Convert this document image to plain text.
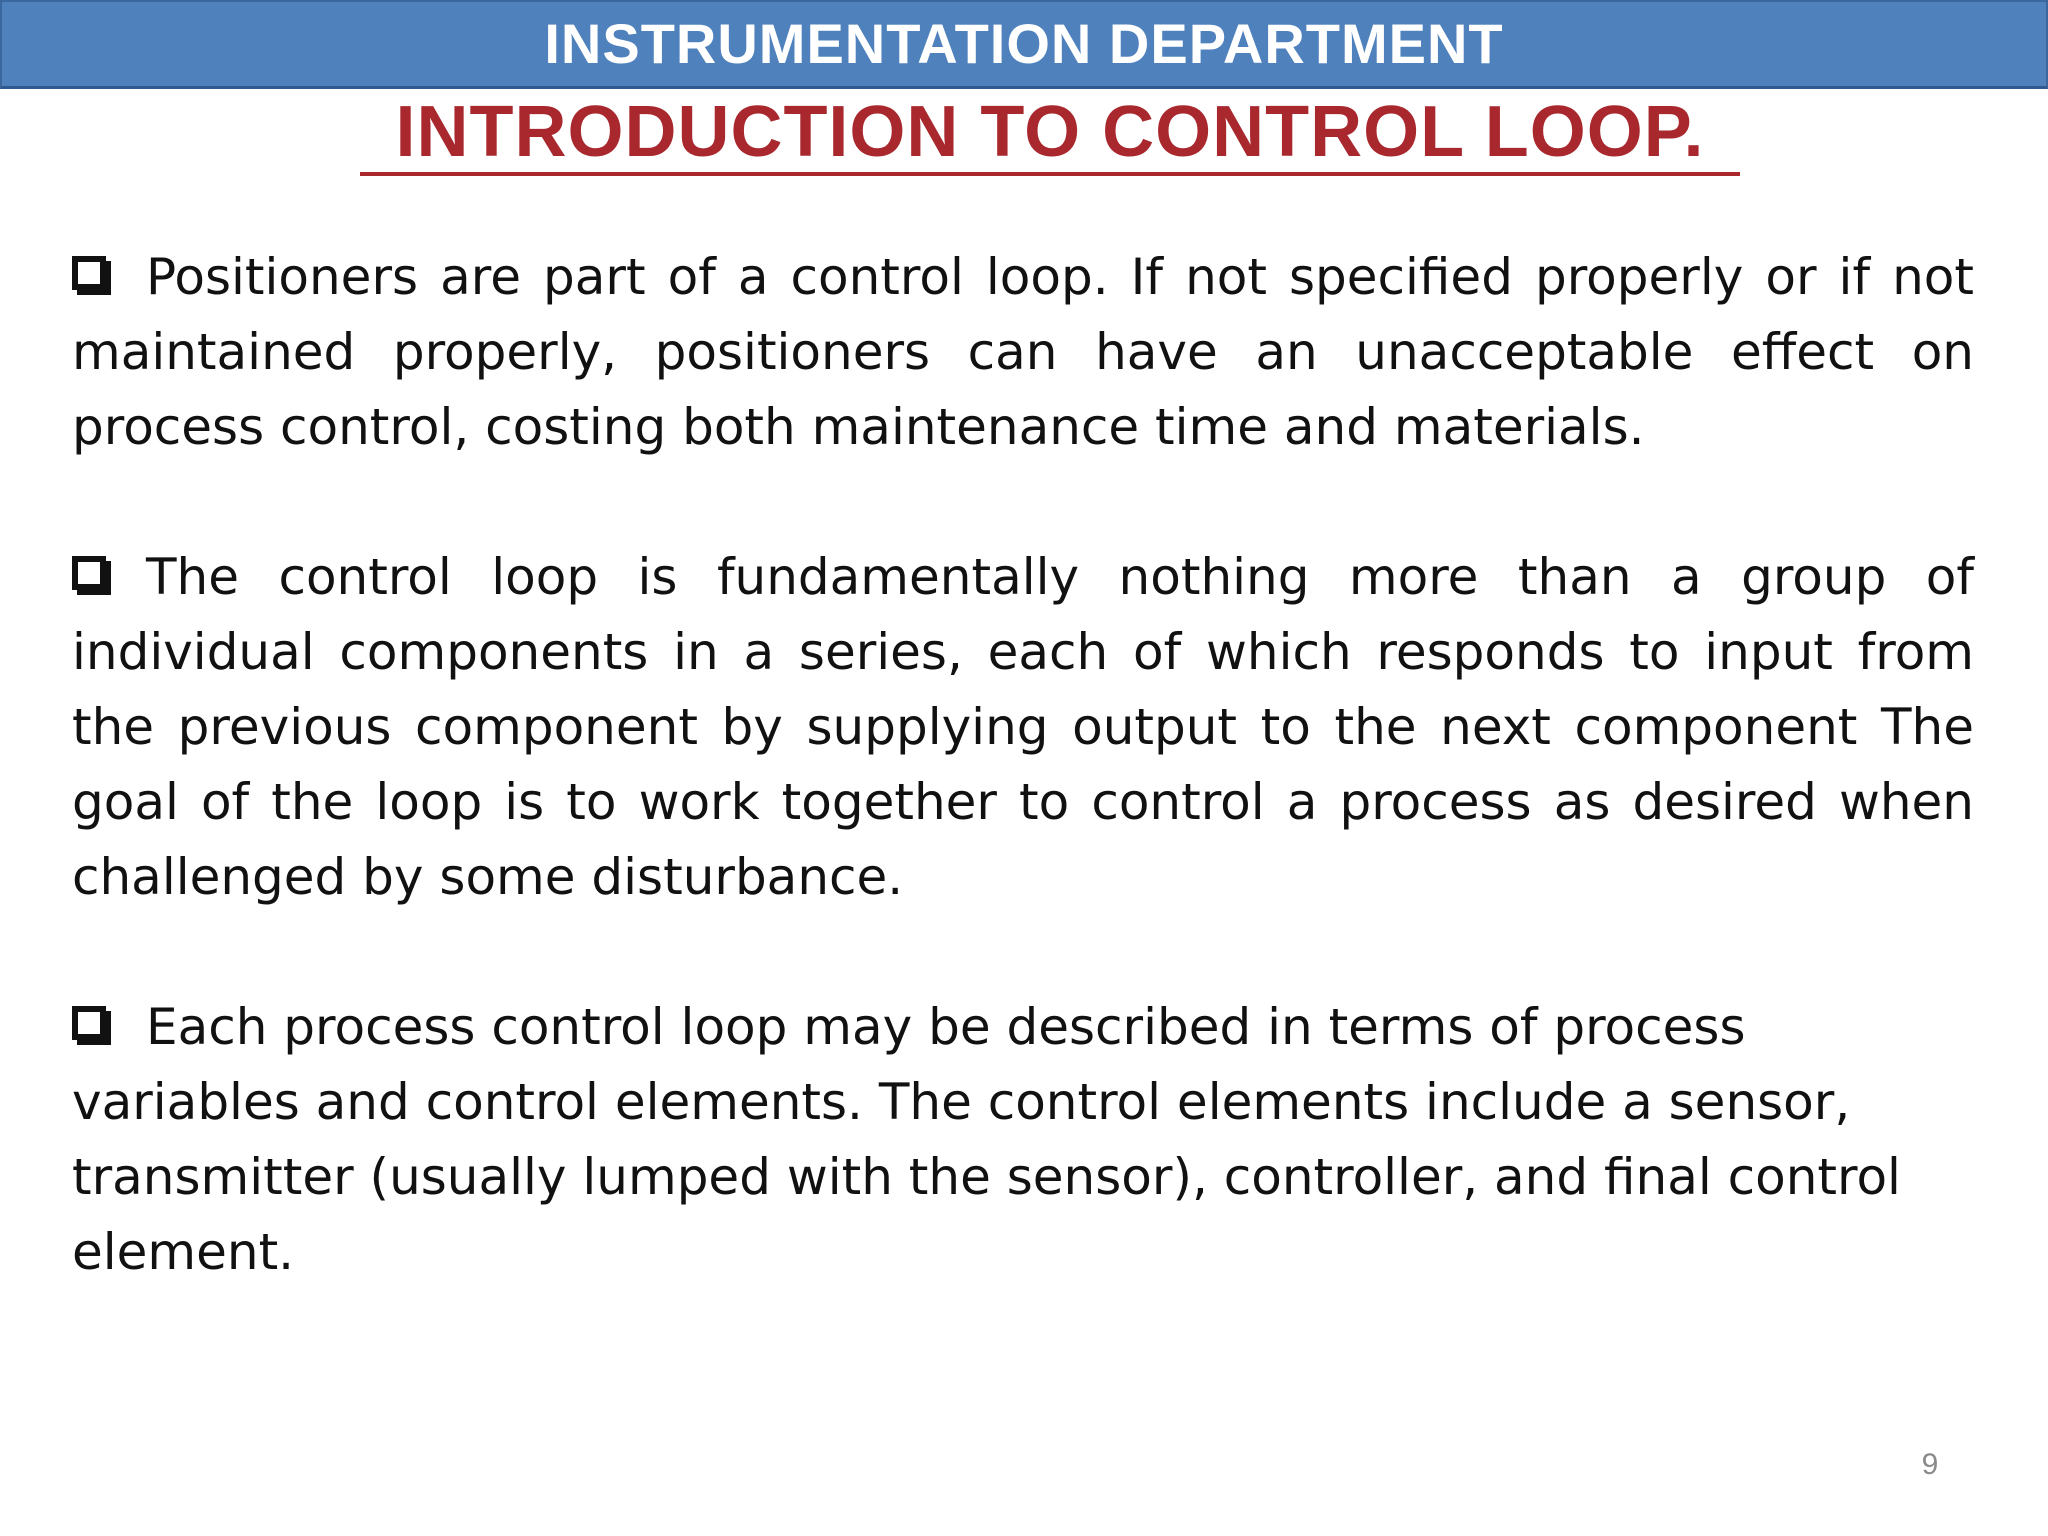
INSTRUMENTATION DEPARTMENT
INTRODUCTION TO CONTROL LOOP.

Positioners are part of a control loop. If not specified properly or if not maintained properly, positioners can have an unacceptable effect on process control, costing both maintenance time and materials.

The control loop is fundamentally nothing more than a group of individual components in a series, each of which responds to input from the previous component by supplying output to the next component The goal of the loop is to work together to control a process as desired when challenged by some disturbance.

Each process control loop may be described in terms of process variables and control elements. The control elements include a sensor, transmitter (usually lumped with the sensor), controller, and final control element.

9
